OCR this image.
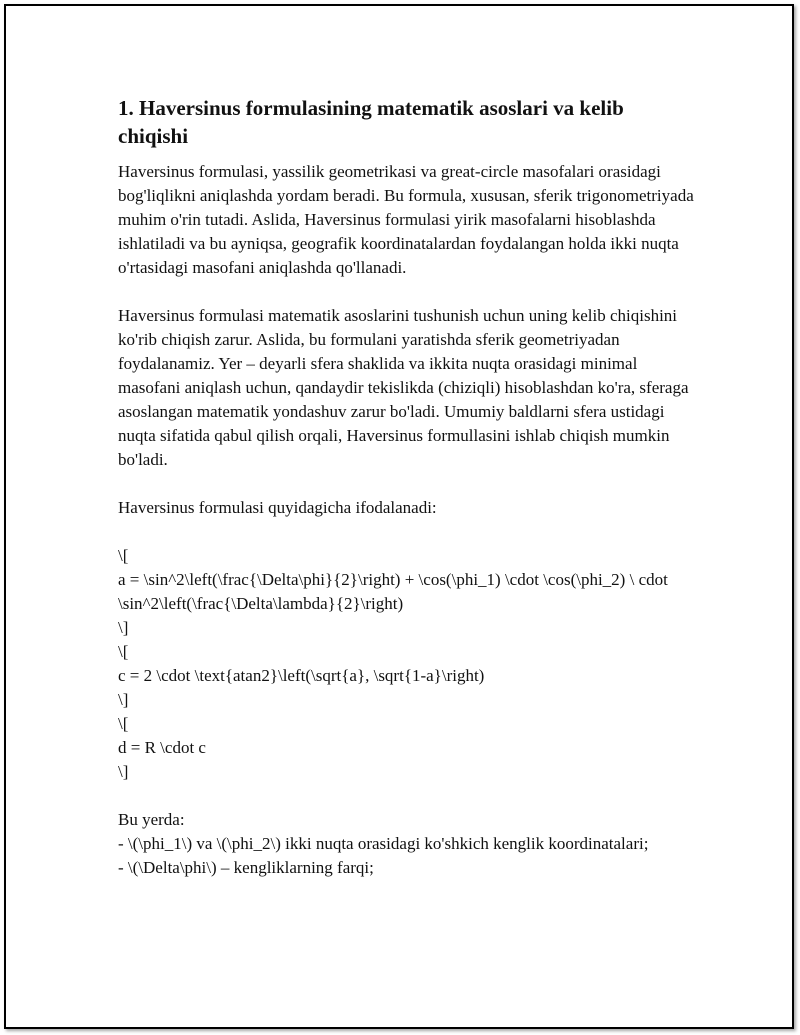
1. Haversinus formulasining matematik asoslari va kelib chiqishi

Haversinus formulasi, yassilik geometrikasi va great-circle masofalari orasidagi bog'liqlikni aniqlashda yordam beradi. Bu formula, xususan, sferik trigonometriyada muhim o'rin tutadi. Aslida, Haversinus formulasi yirik masofalarni hisoblashda ishlatiladi va bu ayniqsa, geografik koordinatalardan foydalangan holda ikki nuqta o'rtasidagi masofani aniqlashda qo'llanadi.

Haversinus formulasi matematik asoslarini tushunish uchun uning kelib chiqishini ko'rib chiqish zarur. Aslida, bu formulani yaratishda sferik geometriyadan foydalanamiz. Yer – deyarli sfera shaklida va ikkita nuqta orasidagi minimal masofani aniqlash uchun, qandaydir tekislikda (chiziqli) hisoblashdan ko'ra, sferaga asoslangan matematik yondashuv zarur bo'ladi. Umumiy baldlarni sfera ustidagi nuqta sifatida qabul qilish orqali, Haversinus formullasini ishlab chiqish mumkin bo'ladi.

Haversinus formulasi quyidagicha ifodalanadi:

\[
a = \sin^2\left(\frac{\Delta\phi}{2}\right) + \cos(\phi_1) \cdot \cos(\phi_2) \ cdot \sin^2\left(\frac{\Delta\lambda}{2}\right)
\]
\[
c = 2 \cdot \text{atan2}\left(\sqrt{a}, \sqrt{1-a}\right)
\]
\[
d = R \cdot c
\]
Bu yerda:
- \(\phi_1\) va \(\phi_2\) ikki nuqta orasidagi ko'shkich kenglik koordinatalari;
- \(\Delta\phi\) – kengliklarning farqi;
